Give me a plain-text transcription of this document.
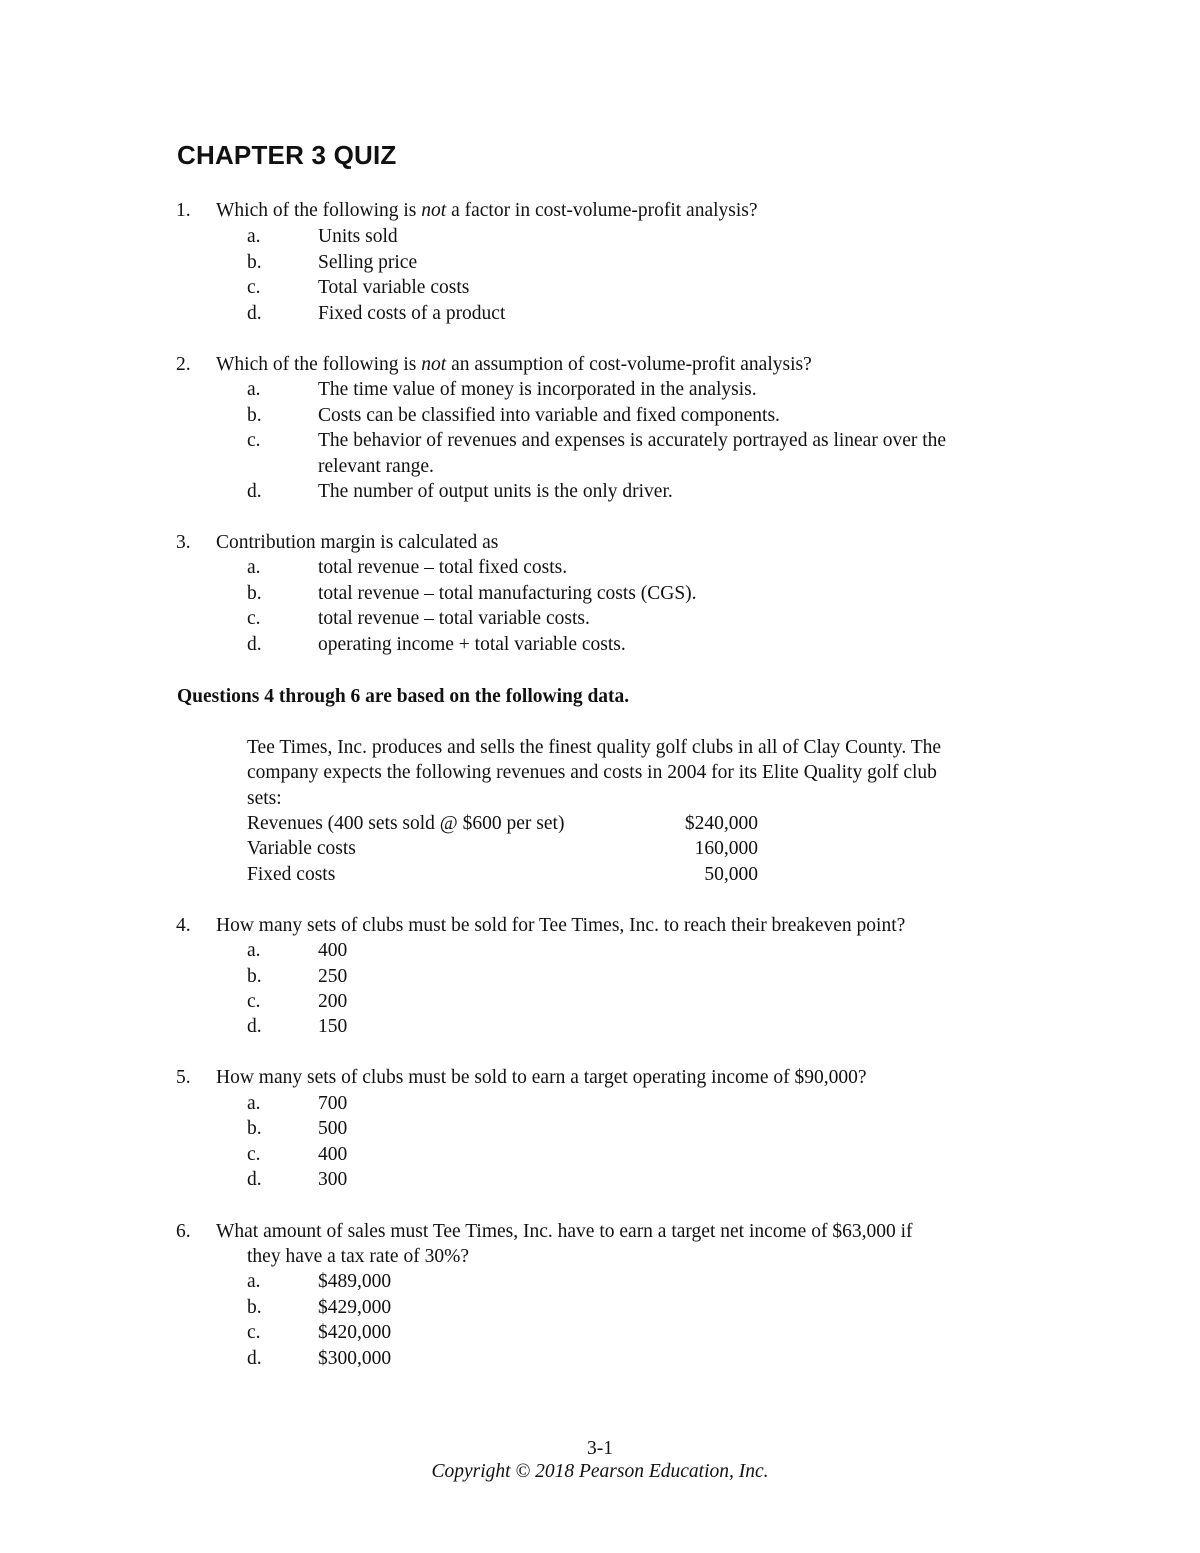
CHAPTER 3 QUIZ
1. Which of the following is not a factor in cost-volume-profit analysis?
a.	Units sold
b.	Selling price
c.	Total variable costs
d.	Fixed costs of a product
2. Which of the following is not an assumption of cost-volume-profit analysis?
a.	The time value of money is incorporated in the analysis.
b.	Costs can be classified into variable and fixed components.
c.	The behavior of revenues and expenses is accurately portrayed as linear over the
relevant range.
d.	The number of output units is the only driver.
3. Contribution margin is calculated as
a.	total revenue – total fixed costs.
b.	total revenue – total manufacturing costs (CGS).
c.	total revenue – total variable costs.
d.	operating income + total variable costs.
Questions 4 through 6 are based on the following data.
Tee Times, Inc. produces and sells the finest quality golf clubs in all of Clay County. The
company expects the following revenues and costs in 2004 for its Elite Quality golf club
sets:
Revenues (400 sets sold @ $600 per set)	$240,000
Variable costs	160,000
Fixed costs	50,000
4. How many sets of clubs must be sold for Tee Times, Inc. to reach their breakeven point?
a.	400
b.	250
c.	200
d.	150
5. How many sets of clubs must be sold to earn a target operating income of $90,000?
a.	700
b.	500
c.	400
d.	300
6. What amount of sales must Tee Times, Inc. have to earn a target net income of $63,000 if
they have a tax rate of 30%?
a.	$489,000
b.	$429,000
c.	$420,000
d.	$300,000
3-1
Copyright © 2018 Pearson Education, Inc.
